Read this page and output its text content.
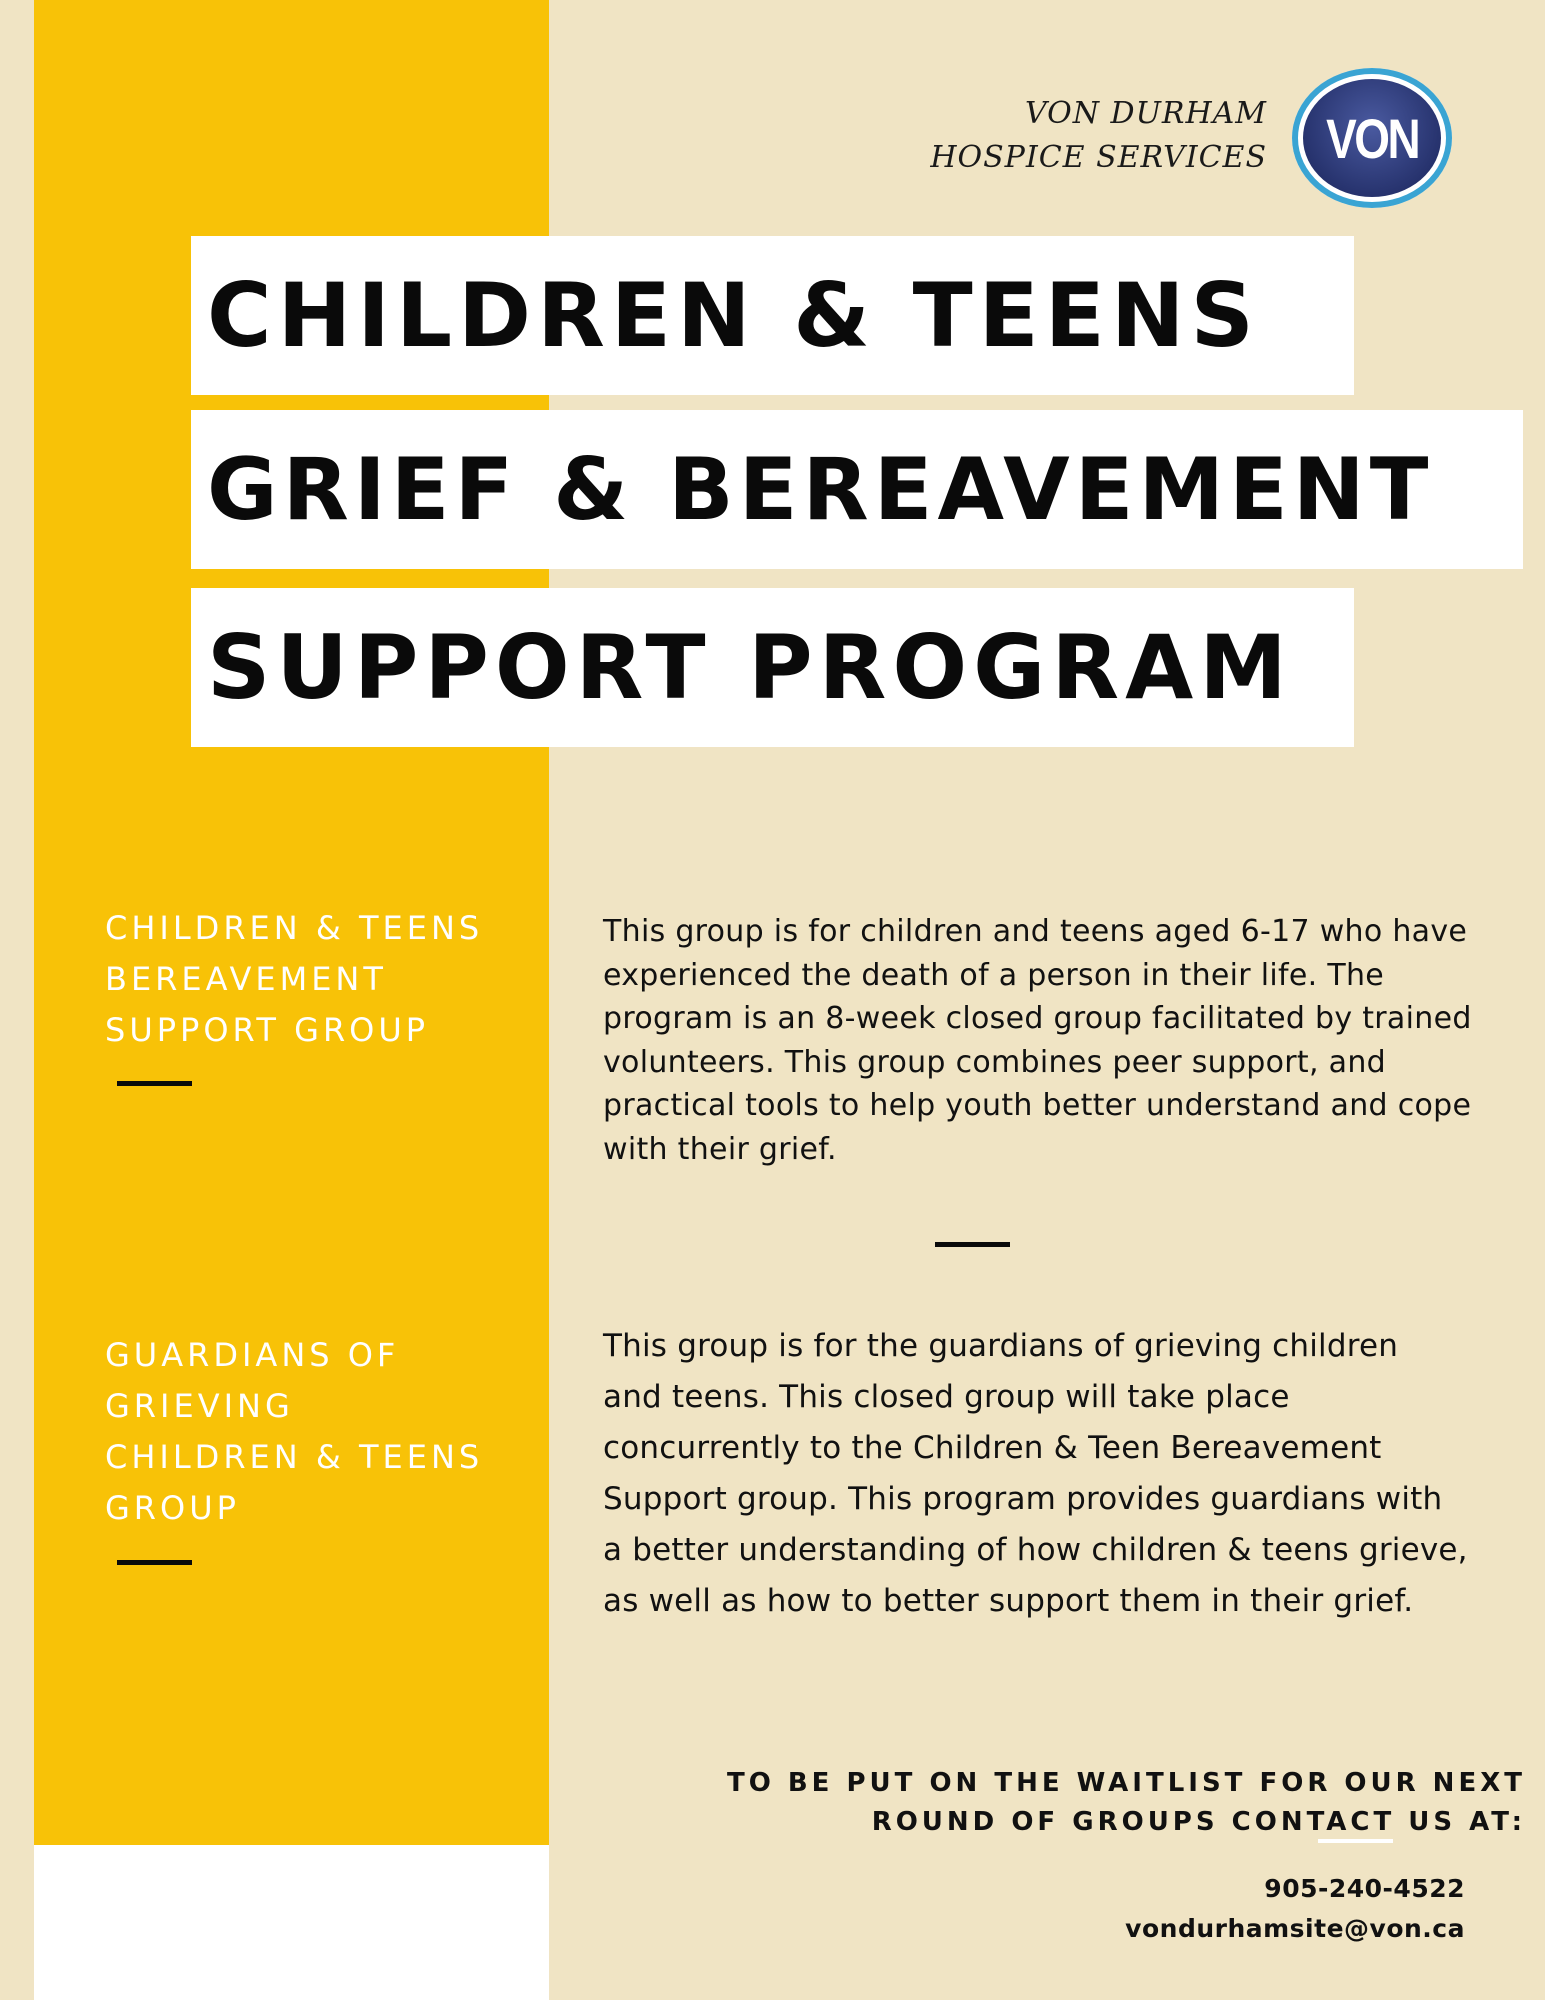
VON DURHAM
HOSPICE SERVICES VON
CHILDREN & TEENS
GRIEF & BEREAVEMENT
SUPPORT PROGRAM
CHILDREN & TEENS
BEREAVEMENT
SUPPORT GROUP
This group is for children and teens aged 6-17 who have
experienced the death of a person in their life. The
program is an 8-week closed group facilitated by trained
volunteers. This group combines peer support, and
practical tools to help youth better understand and cope
with their grief.
GUARDIANS OF
GRIEVING
CHILDREN & TEENS
GROUP
This group is for the guardians of grieving children
and teens. This closed group will take place
concurrently to the Children & Teen Bereavement
Support group. This program provides guardians with
a better understanding of how children & teens grieve,
as well as how to better support them in their grief.
TO BE PUT ON THE WAITLIST FOR OUR NEXT
ROUND OF GROUPS CONTACT US AT:
905-240-4522
vondurhamsite@von.ca
